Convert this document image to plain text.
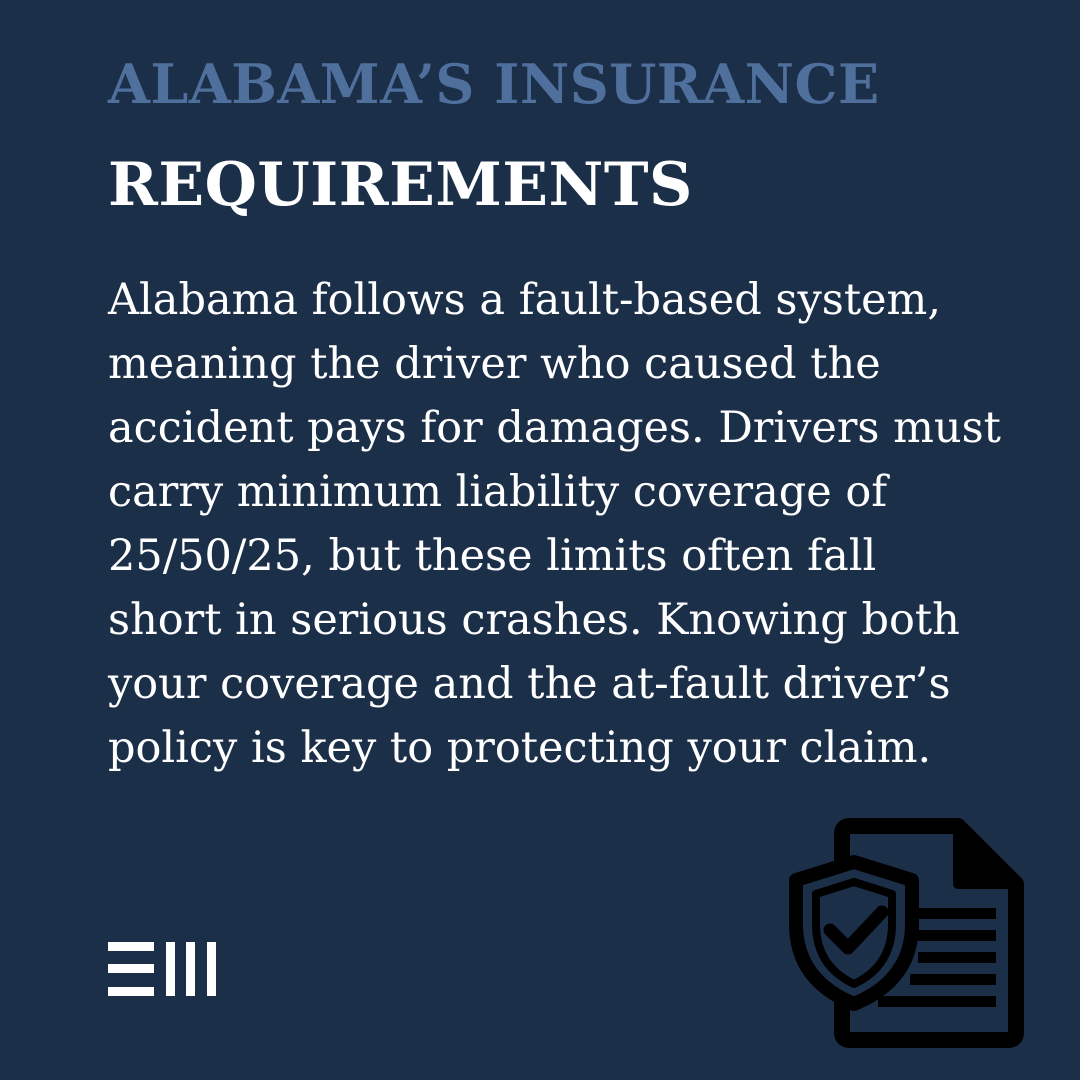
ALABAMA’S INSURANCE
REQUIREMENTS

Alabama follows a fault-based system,
meaning the driver who caused the
accident pays for damages. Drivers must
carry minimum liability coverage of
25/50/25, but these limits often fall
short in serious crashes. Knowing both
your coverage and the at-fault driver’s
policy is key to protecting your claim.
